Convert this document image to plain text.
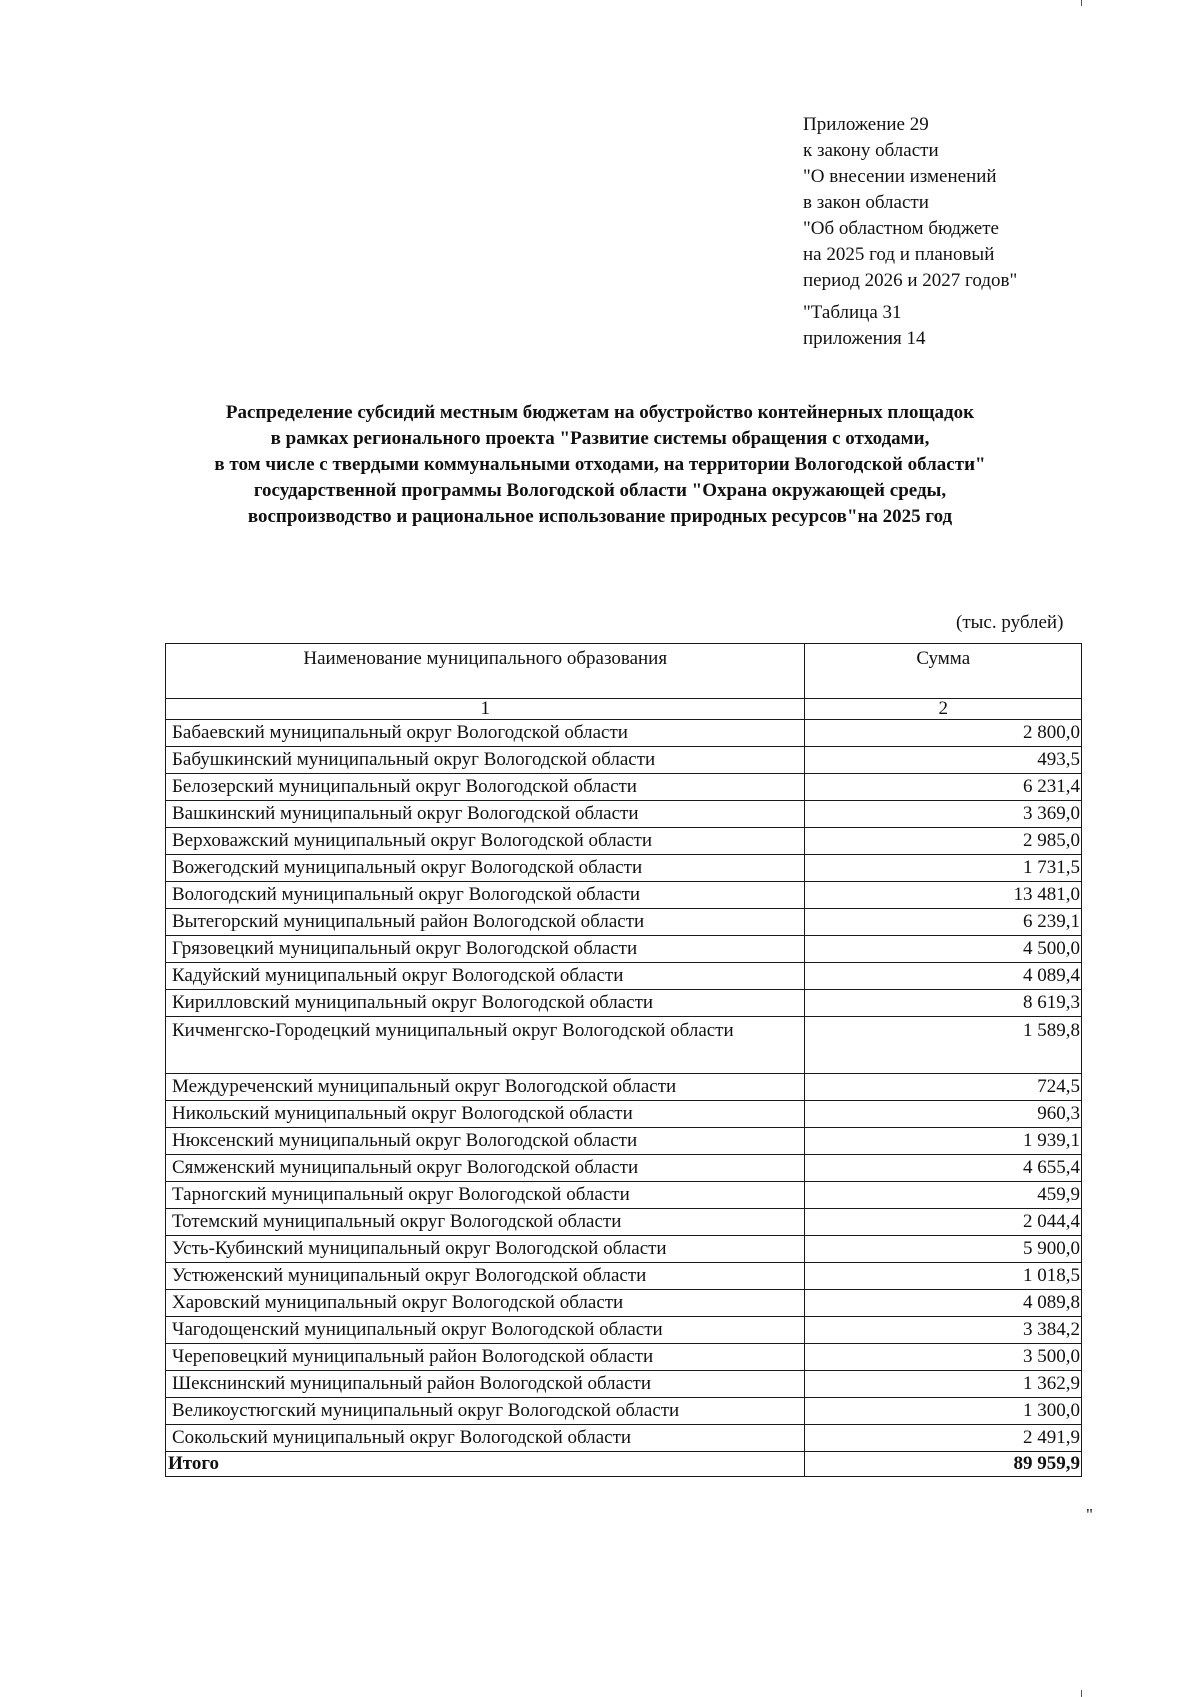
Приложение 29
к закону области
"О внесении изменений
в закон области
"Об областном бюджете
на 2025 год и плановый
период 2026 и 2027 годов"
"Таблица 31
приложения 14
Распределение субсидий местным бюджетам на обустройство контейнерных площадок
в рамках регионального проекта "Развитие системы обращения с отходами,
в том числе с твердыми коммунальными отходами, на территории Вологодской области"
государственной программы Вологодской области "Охрана окружающей среды,
воспроизводство и рациональное использование природных ресурсов"на 2025 год
(тыс. рублей)
Наименование муниципального образования	Сумма
1	2
Бабаевский муниципальный округ Вологодской области	2 800,0
Бабушкинский муниципальный округ Вологодской области	493,5
Белозерский муниципальный округ Вологодской области	6 231,4
Вашкинский муниципальный округ Вологодской области	3 369,0
Верховажский муниципальный округ Вологодской области	2 985,0
Вожегодский муниципальный округ Вологодской области	1 731,5
Вологодский муниципальный округ Вологодской области	13 481,0
Вытегорский муниципальный район Вологодской области	6 239,1
Грязовецкий муниципальный округ Вологодской области	4 500,0
Кадуйский муниципальный округ Вологодской области	4 089,4
Кирилловский муниципальный округ Вологодской области	8 619,3
Кичменгско-Городецкий муниципальный округ Вологодской области	1 589,8
Междуреченский муниципальный округ Вологодской области	724,5
Никольский муниципальный округ Вологодской области	960,3
Нюксенский муниципальный округ Вологодской области	1 939,1
Сямженский муниципальный округ Вологодской области	4 655,4
Тарногский муниципальный округ Вологодской области	459,9
Тотемский муниципальный округ Вологодской области	2 044,4
Усть-Кубинский муниципальный округ Вологодской области	5 900,0
Устюженский муниципальный округ Вологодской области	1 018,5
Харовский муниципальный округ Вологодской области	4 089,8
Чагодощенский муниципальный округ Вологодской области	3 384,2
Череповецкий муниципальный район Вологодской области	3 500,0
Шекснинский муниципальный район Вологодской области	1 362,9
Великоустюгский муниципальный округ Вологодской области	1 300,0
Сокольский муниципальный округ Вологодской области	2 491,9
Итого	89 959,9
"
